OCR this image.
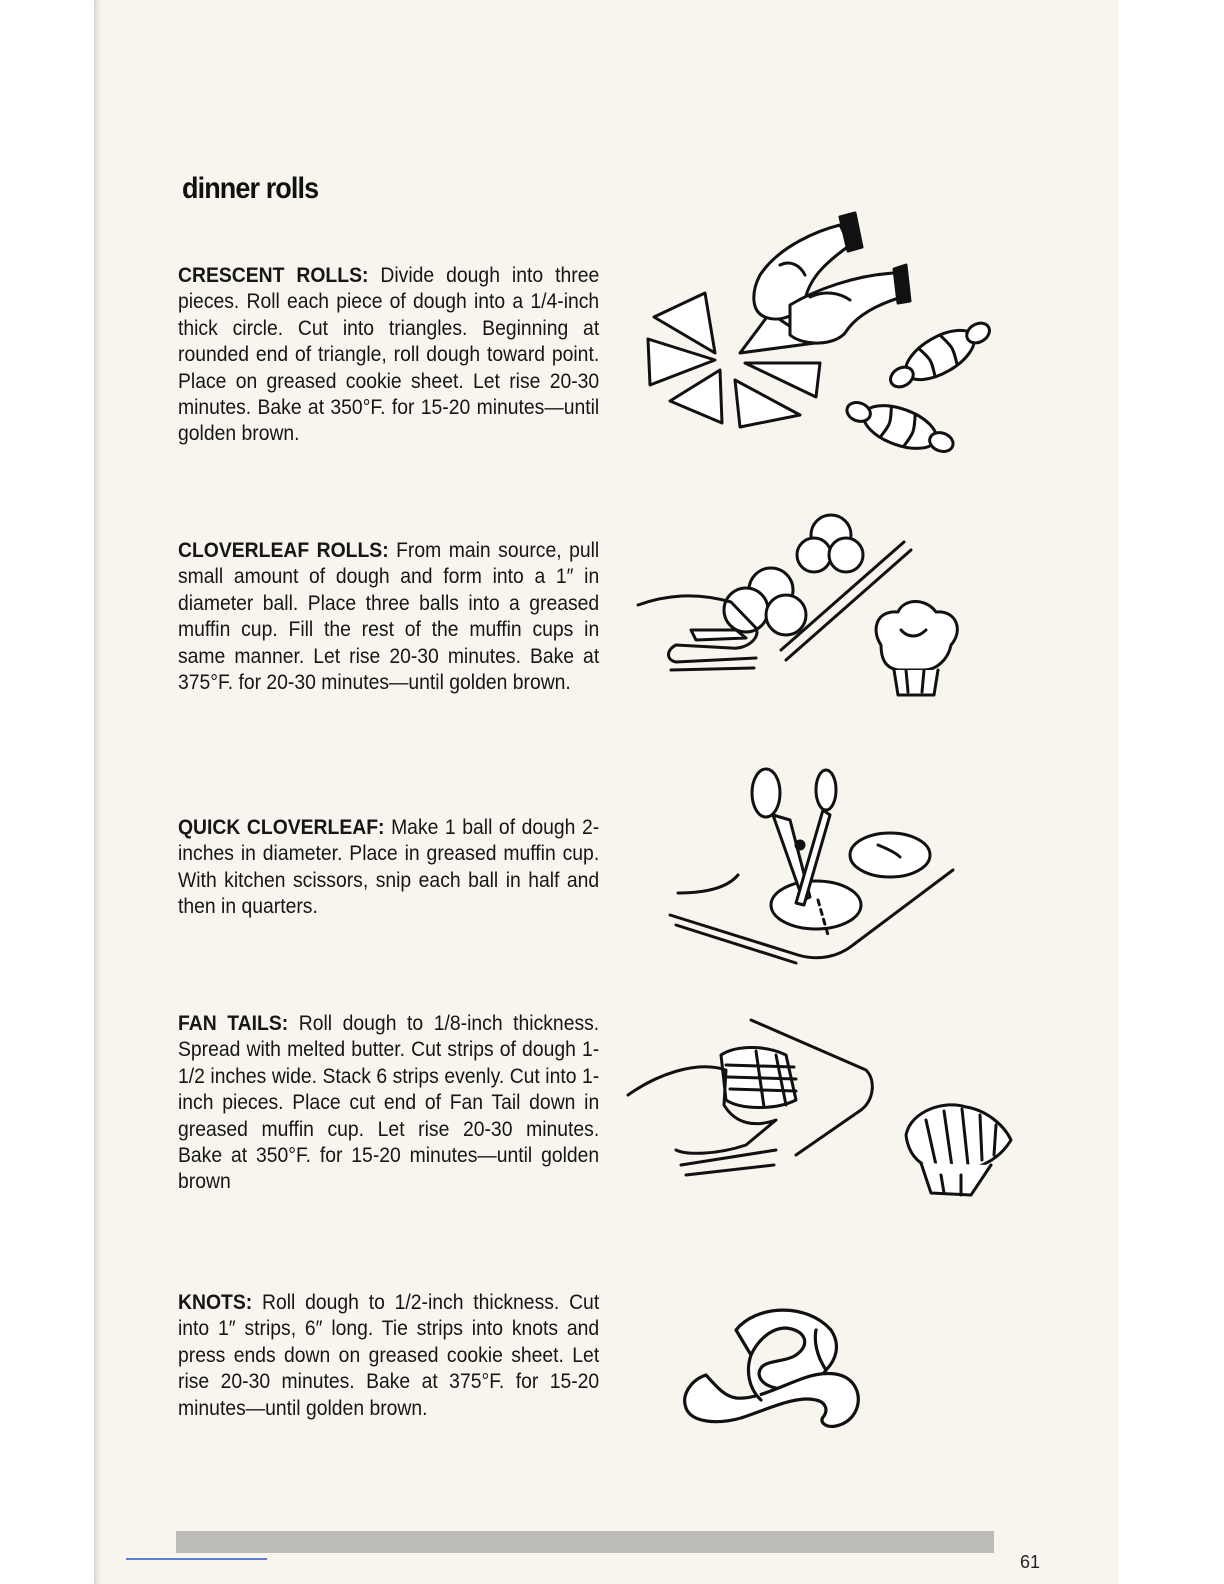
dinner rolls
CRESCENT ROLLS: Divide dough into three pieces. Roll each piece of dough into a 1/4-inch thick circle. Cut into triangles. Beginning at rounded end of triangle, roll dough toward point. Place on greased cookie sheet. Let rise 20-30 minutes. Bake at 350°F. for 15-20 minutes—until golden brown.
CLOVERLEAF ROLLS: From main source, pull small amount of dough and form into a 1″ in diameter ball. Place three balls into a greased muffin cup. Fill the rest of the muffin cups in same manner. Let rise 20-30 minutes. Bake at 375°F. for 20-30 minutes—until golden brown.
QUICK CLOVERLEAF: Make 1 ball of dough 2-inches in diameter. Place in greased muffin cup. With kitchen scissors, snip each ball in half and then in quarters.
FAN TAILS: Roll dough to 1/8-inch thickness. Spread with melted butter. Cut strips of dough 1-1/2 inches wide. Stack 6 strips evenly. Cut into 1-inch pieces. Place cut end of Fan Tail down in greased muffin cup. Let rise 20-30 minutes. Bake at 350°F. for 15-20 minutes—until golden brown
KNOTS: Roll dough to 1/2-inch thickness. Cut into 1″ strips, 6″ long. Tie strips into knots and press ends down on greased cookie sheet. Let rise 20-30 minutes. Bake at 375°F. for 15-20 minutes—until golden brown.
61
